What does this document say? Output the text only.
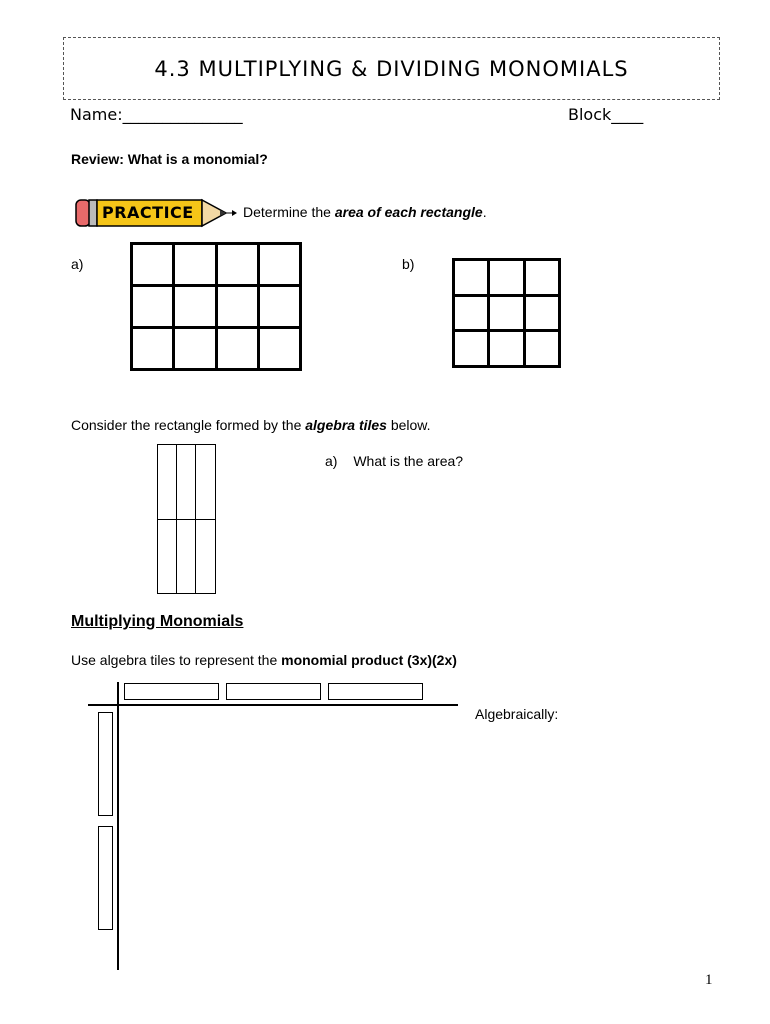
4.3 MULTIPLYING & DIVIDING MONOMIALS
Name:_______________	Block____
Review: What is a monomial?
PRACTICE	Determine the area of each rectangle.
a)	b)
Consider the rectangle formed by the algebra tiles below.
a) What is the area?
Multiplying Monomials
Use algebra tiles to represent the monomial product (3x)(2x)
Algebraically:
1
